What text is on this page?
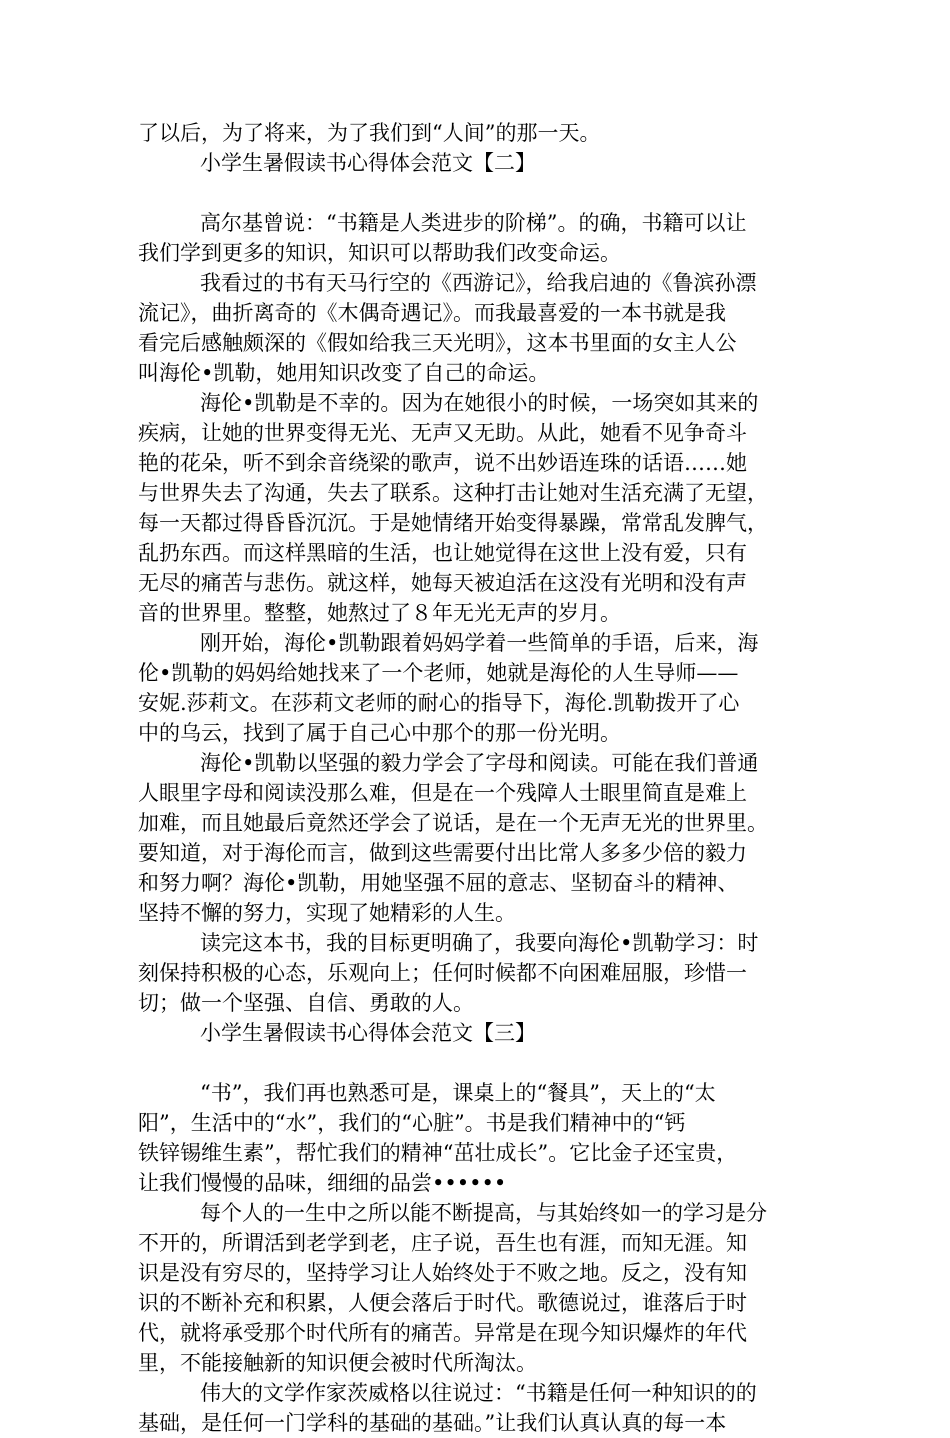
了以后，为了将来，为了我们到“人间”的那一天。
小学生暑假读书心得体会范文【二】
高尔基曾说：“书籍是人类进步的阶梯”。的确，书籍可以让
我们学到更多的知识，知识可以帮助我们改变命运。
我看过的书有天马行空的《西游记》，给我启迪的《鲁滨孙漂
流记》，曲折离奇的《木偶奇遇记》。而我最喜爱的一本书就是我
看完后感触颇深的《假如给我三天光明》，这本书里面的女主人公
叫海伦•凯勒，她用知识改变了自己的命运。
海伦•凯勒是不幸的。因为在她很小的时候，一场突如其来的
疾病，让她的世界变得无光、无声又无助。从此，她看不见争奇斗
艳的花朵，听不到余音绕梁的歌声，说不出妙语连珠的话语……她
与世界失去了沟通，失去了联系。这种打击让她对生活充满了无望，
每一天都过得昏昏沉沉。于是她情绪开始变得暴躁，常常乱发脾气，
乱扔东西。而这样黑暗的生活，也让她觉得在这世上没有爱，只有
无尽的痛苦与悲伤。就这样，她每天被迫活在这没有光明和没有声
音的世界里。整整，她熬过了８年无光无声的岁月。
刚开始，海伦•凯勒跟着妈妈学着一些简单的手语，后来，海
伦•凯勒的妈妈给她找来了一个老师，她就是海伦的人生导师——
安妮.莎莉文。在莎莉文老师的耐心的指导下，海伦.凯勒拨开了心
中的乌云，找到了属于自己心中那个的那一份光明。
海伦•凯勒以坚强的毅力学会了字母和阅读。可能在我们普通
人眼里字母和阅读没那么难，但是在一个残障人士眼里简直是难上
加难，而且她最后竟然还学会了说话，是在一个无声无光的世界里。
要知道，对于海伦而言，做到这些需要付出比常人多多少倍的毅力
和努力啊？海伦•凯勒，用她坚强不屈的意志、坚韧奋斗的精神、
坚持不懈的努力，实现了她精彩的人生。
读完这本书，我的目标更明确了，我要向海伦•凯勒学习：时
刻保持积极的心态，乐观向上；任何时候都不向困难屈服，珍惜一
切；做一个坚强、自信、勇敢的人。
小学生暑假读书心得体会范文【三】
“书”，我们再也熟悉可是，课桌上的“餐具”，天上的“太
阳”，生活中的“水”，我们的“心脏”。书是我们精神中的“钙
铁锌锡维生素”，帮忙我们的精神“茁壮成长”。它比金子还宝贵，
让我们慢慢的品味，细细的品尝••••••
每个人的一生中之所以能不断提高，与其始终如一的学习是分
不开的，所谓活到老学到老，庄子说，吾生也有涯，而知无涯。知
识是没有穷尽的，坚持学习让人始终处于不败之地。反之，没有知
识的不断补充和积累，人便会落后于时代。歌德说过，谁落后于时
代，就将承受那个时代所有的痛苦。异常是在现今知识爆炸的年代
里，不能接触新的知识便会被时代所淘汰。
伟大的文学作家茨威格以往说过：“书籍是任何一种知识的的
基础，是任何一门学科的基础的基础。”让我们认真认真的每一本
